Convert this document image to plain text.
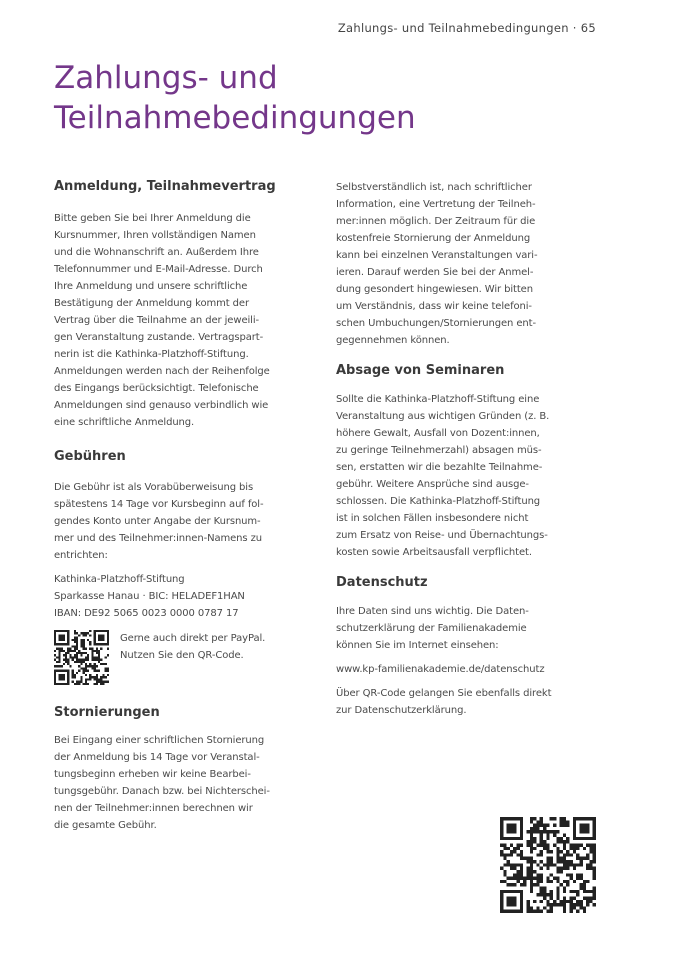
Zahlungs- und Teilnahmebedingungen · 65
Zahlungs- und
Teilnahmebedingungen
Anmeldung, Teilnahmevertrag

Bitte geben Sie bei Ihrer Anmeldung die
Kursnummer, Ihren vollständigen Namen
und die Wohnanschrift an. Außerdem Ihre
Telefonnummer und E-Mail-Adresse. Durch
Ihre Anmeldung und unsere schriftliche
Bestätigung der Anmeldung kommt der
Vertrag über die Teilnahme an der jeweili-
gen Veranstaltung zustande. Vertragspart-
nerin ist die Kathinka-Platzhoff-Stiftung.
Anmeldungen werden nach der Reihenfolge
des Eingangs berücksichtigt. Telefonische
Anmeldungen sind genauso verbindlich wie
eine schriftliche Anmeldung.

Gebühren

Die Gebühr ist als Vorabüberweisung bis
spätestens 14 Tage vor Kursbeginn auf fol-
gendes Konto unter Angabe der Kursnum-
mer und des Teilnehmer:innen-Namens zu
entrichten:

Kathinka-Platzhoff-Stiftung
Sparkasse Hanau · BIC: HELADEF1HAN
IBAN: DE92 5065 0023 0000 0787 17

Gerne auch direkt per PayPal.
Nutzen Sie den QR-Code.

Stornierungen

Bei Eingang einer schriftlichen Stornierung
der Anmeldung bis 14 Tage vor Veranstal-
tungsbeginn erheben wir keine Bearbei-
tungsgebühr. Danach bzw. bei Nichterschei-
nen der Teilnehmer:innen berechnen wir
die gesamte Gebühr.

Selbstverständlich ist, nach schriftlicher
Information, eine Vertretung der Teilneh-
mer:innen möglich. Der Zeitraum für die
kostenfreie Stornierung der Anmeldung
kann bei einzelnen Veranstaltungen vari-
ieren. Darauf werden Sie bei der Anmel-
dung gesondert hingewiesen. Wir bitten
um Verständnis, dass wir keine telefoni-
schen Umbuchungen/Stornierungen ent-
gegennehmen können.

Absage von Seminaren

Sollte die Kathinka-Platzhoff-Stiftung eine
Veranstaltung aus wichtigen Gründen (z. B.
höhere Gewalt, Ausfall von Dozent:innen,
zu geringe Teilnehmerzahl) absagen müs-
sen, erstatten wir die bezahlte Teilnahme-
gebühr. Weitere Ansprüche sind ausge-
schlossen. Die Kathinka-Platzhoff-Stiftung
ist in solchen Fällen insbesondere nicht
zum Ersatz von Reise- und Übernachtungs-
kosten sowie Arbeitsausfall verpflichtet.

Datenschutz

Ihre Daten sind uns wichtig. Die Daten-
schutzerklärung der Familienakademie
können Sie im Internet einsehen:

www.kp-familienakademie.de/datenschutz

Über QR-Code gelangen Sie ebenfalls direkt
zur Datenschutzerklärung.
